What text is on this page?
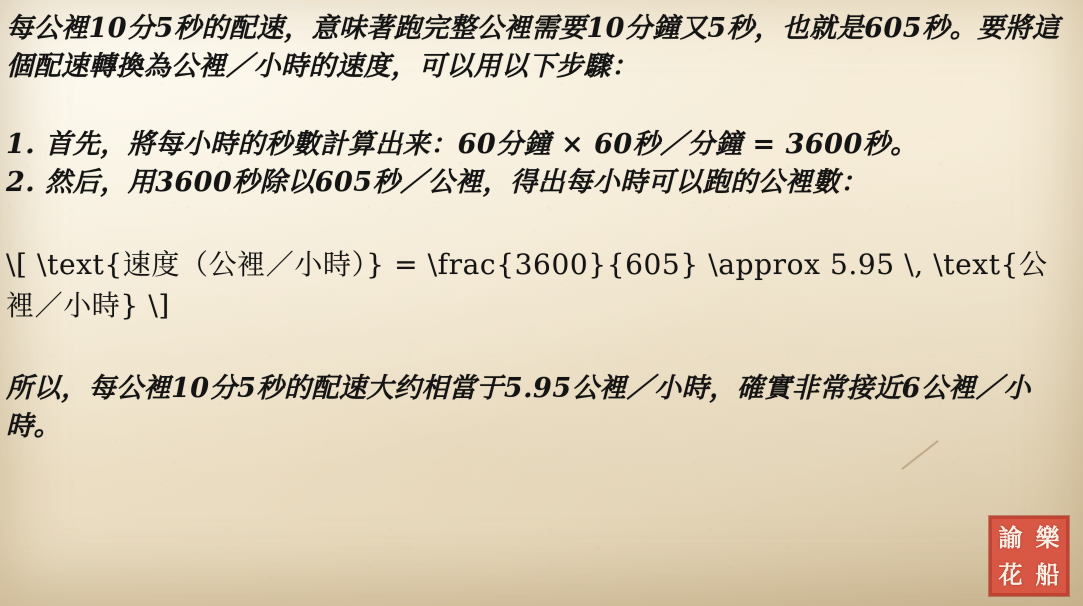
每公裡10分5秒的配速，意味著跑完整公裡需要10分鐘又5秒，也就是605秒。要將這個配速轉換為公裡／小時的速度，可以用以下步驟：

1. 首先，將每小時的秒數計算出来：60分鐘 × 60秒／分鐘 = 3600秒。

2. 然后，用3600秒除以605秒／公裡，得出每小時可以跑的公裡數：

\[ \text{速度（公裡／小時）} = \frac{3600}{605} \approx 5.95 \, \text{公裡／小時} \]

所以，每公裡10分5秒的配速大约相當于5.95公裡／小時，確實非常接近6公裡／小時。

諭 樂
花 船
